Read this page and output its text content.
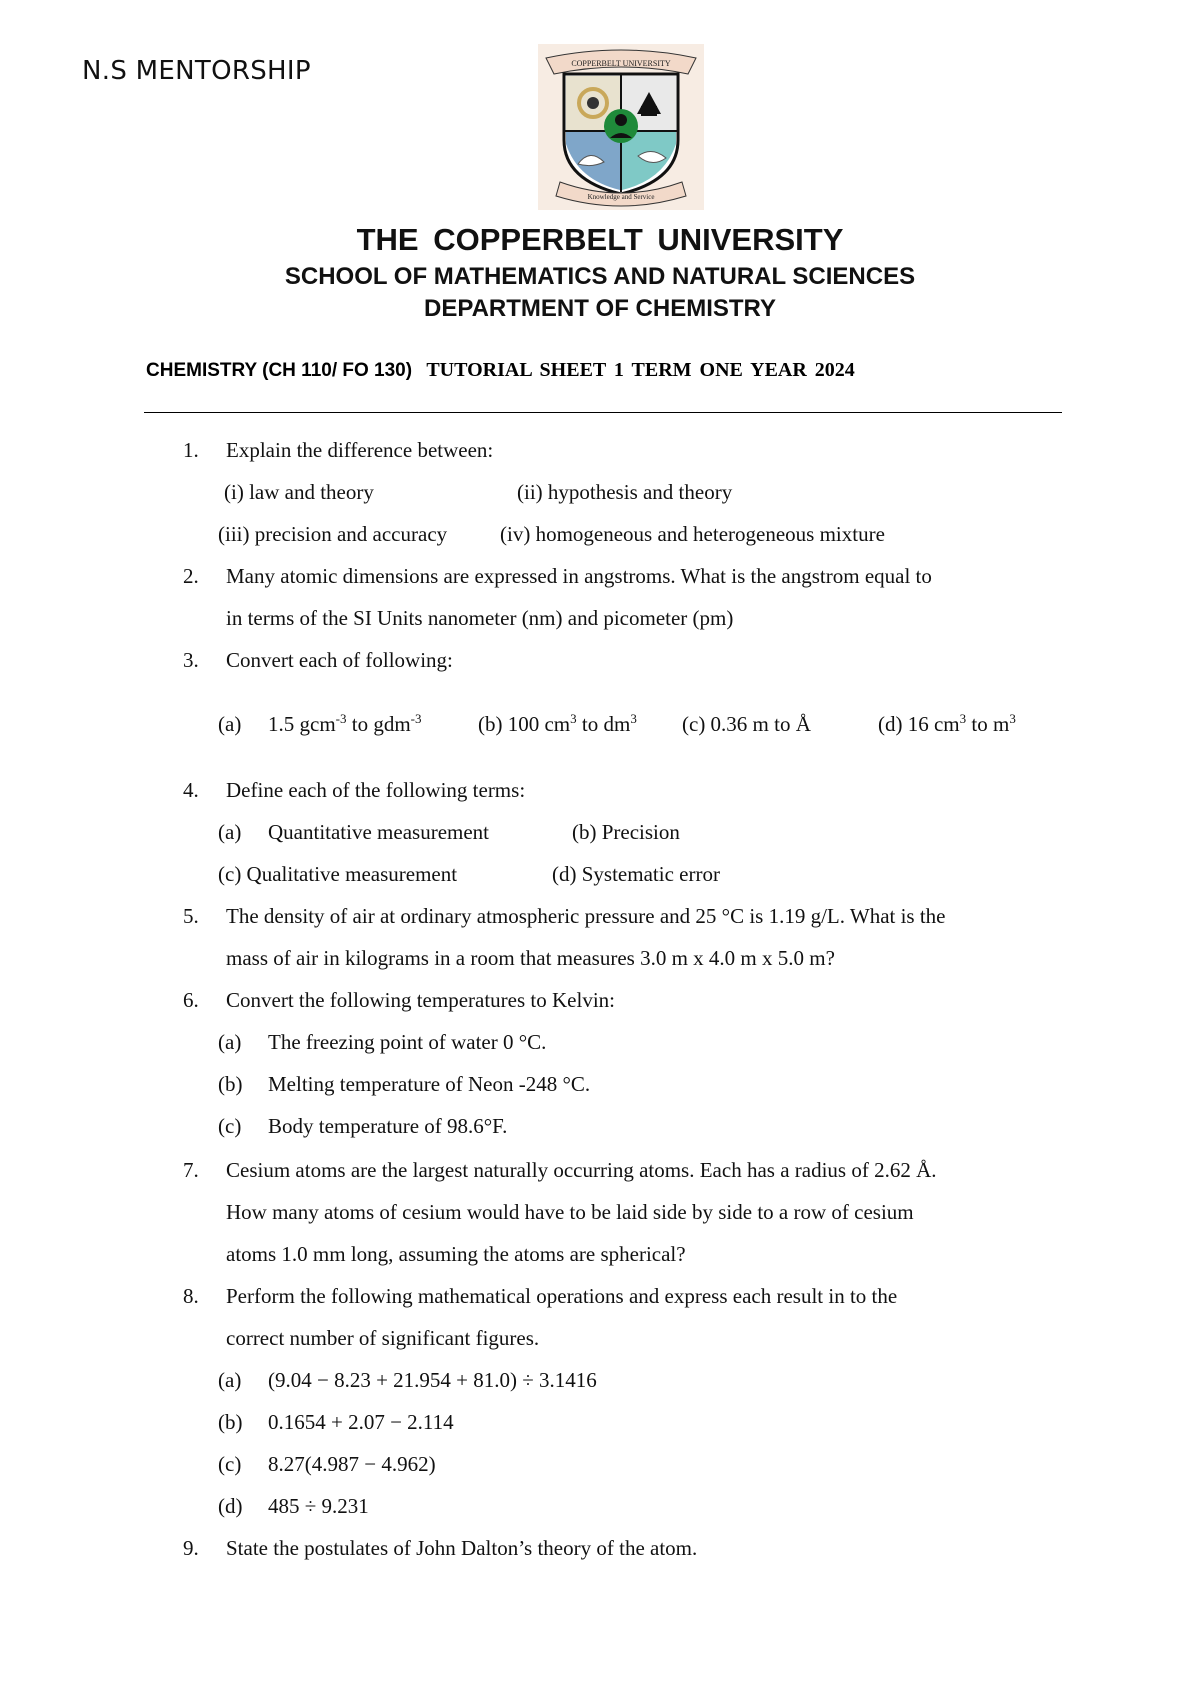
N.S MENTORSHIP	COPPERBELT UNIVERSITY
Knowledge and Service
THE COPPERBELT UNIVERSITY
SCHOOL OF MATHEMATICS AND NATURAL SCIENCES
DEPARTMENT OF CHEMISTRY
CHEMISTRY (CH 110/ FO 130) TUTORIAL SHEET 1 TERM ONE YEAR 2024
1. Explain the difference between:
(i) law and theory	(ii) hypothesis and theory
(iii) precision and accuracy	(iv) homogeneous and heterogeneous mixture
2. Many atomic dimensions are expressed in angstroms. What is the angstrom equal to
in terms of the SI Units nanometer (nm) and picometer (pm)
3. Convert each of following:
(a) 1.5 gcm$^{-3}$ to gdm$^{-3}$	(b) 100 $cm^3$ to $dm^3$ (c) 0.36 m to Å	(d) 16 $cm^3$ to $m^3$
4. Define each of the following terms:
(a) Quantitative measurement	(b) Precision
(c) Qualitative measurement	(d) Systematic error
5. The density of air at ordinary atmospheric pressure and 25 °C is 1.19 g/L. What is the
mass of air in kilograms in a room that measures 3.0 m x 4.0 m x 5.0 m?
6. Convert the following temperatures to Kelvin:
(a) The freezing point of water 0 °C.
(b) Melting temperature of Neon -248 °C.
(c) Body temperature of 98.6°F.
7. Cesium atoms are the largest naturally occurring atoms. Each has a radius of 2.62 Å.
How many atoms of cesium would have to be laid side by side to a row of cesium
atoms 1.0 mm long, assuming the atoms are spherical?
8. Perform the following mathematical operations and express each result in to the
correct number of significant figures.
(a) (9.04 − 8.23 + 21.954 + 81.0) ÷ 3.1416
(b) 0.1654 + 2.07 − 2.114
(c) 8.27(4.987 − 4.962)
(d) 485 ÷ 9.231
9. State the postulates of John Dalton’s theory of the atom.
